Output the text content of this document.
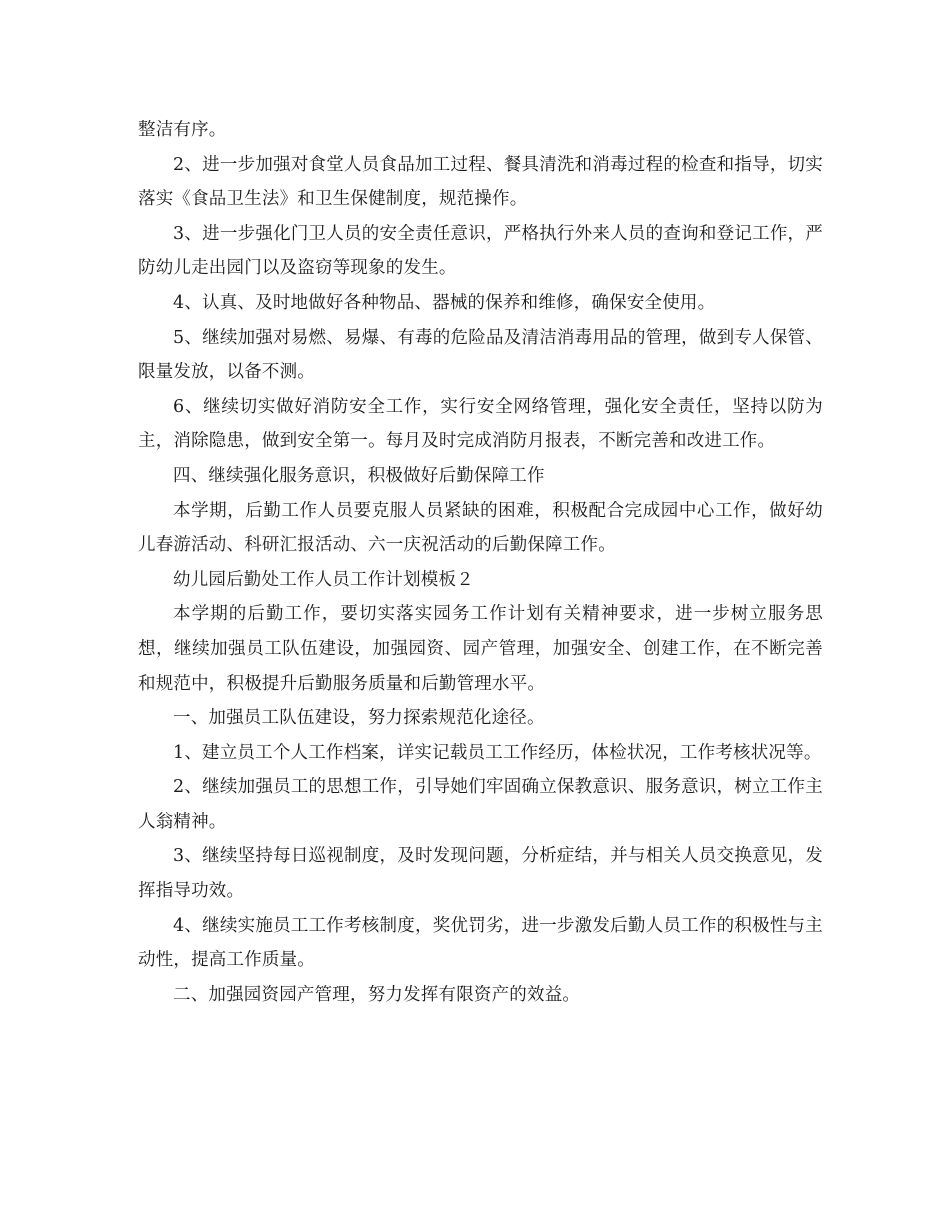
整洁有序。

2、进一步加强对食堂人员食品加工过程、餐具清洗和消毒过程的检查和指导，切实落实《食品卫生法》和卫生保健制度，规范操作。

3、进一步强化门卫人员的安全责任意识，严格执行外来人员的查询和登记工作，严防幼儿走出园门以及盗窃等现象的发生。

4、认真、及时地做好各种物品、器械的保养和维修，确保安全使用。

5、继续加强对易燃、易爆、有毒的危险品及清洁消毒用品的管理，做到专人保管、限量发放，以备不测。

6、继续切实做好消防安全工作，实行安全网络管理，强化安全责任，坚持以防为主，消除隐患，做到安全第一。每月及时完成消防月报表，不断完善和改进工作。

四、继续强化服务意识，积极做好后勤保障工作

本学期，后勤工作人员要克服人员紧缺的困难，积极配合完成园中心工作，做好幼儿春游活动、科研汇报活动、六一庆祝活动的后勤保障工作。

幼儿园后勤处工作人员工作计划模板２

本学期的后勤工作，要切实落实园务工作计划有关精神要求，进一步树立服务思想，继续加强员工队伍建设，加强园资、园产管理，加强安全、创建工作，在不断完善和规范中，积极提升后勤服务质量和后勤管理水平。

一、加强员工队伍建设，努力探索规范化途径。

1、建立员工个人工作档案，详实记载员工工作经历，体检状况，工作考核状况等。

2、继续加强员工的思想工作，引导她们牢固确立保教意识、服务意识，树立工作主人翁精神。

3、继续坚持每日巡视制度，及时发现问题，分析症结，并与相关人员交换意见，发挥指导功效。

4、继续实施员工工作考核制度，奖优罚劣，进一步激发后勤人员工作的积极性与主动性，提高工作质量。

二、加强园资园产管理，努力发挥有限资产的效益。
